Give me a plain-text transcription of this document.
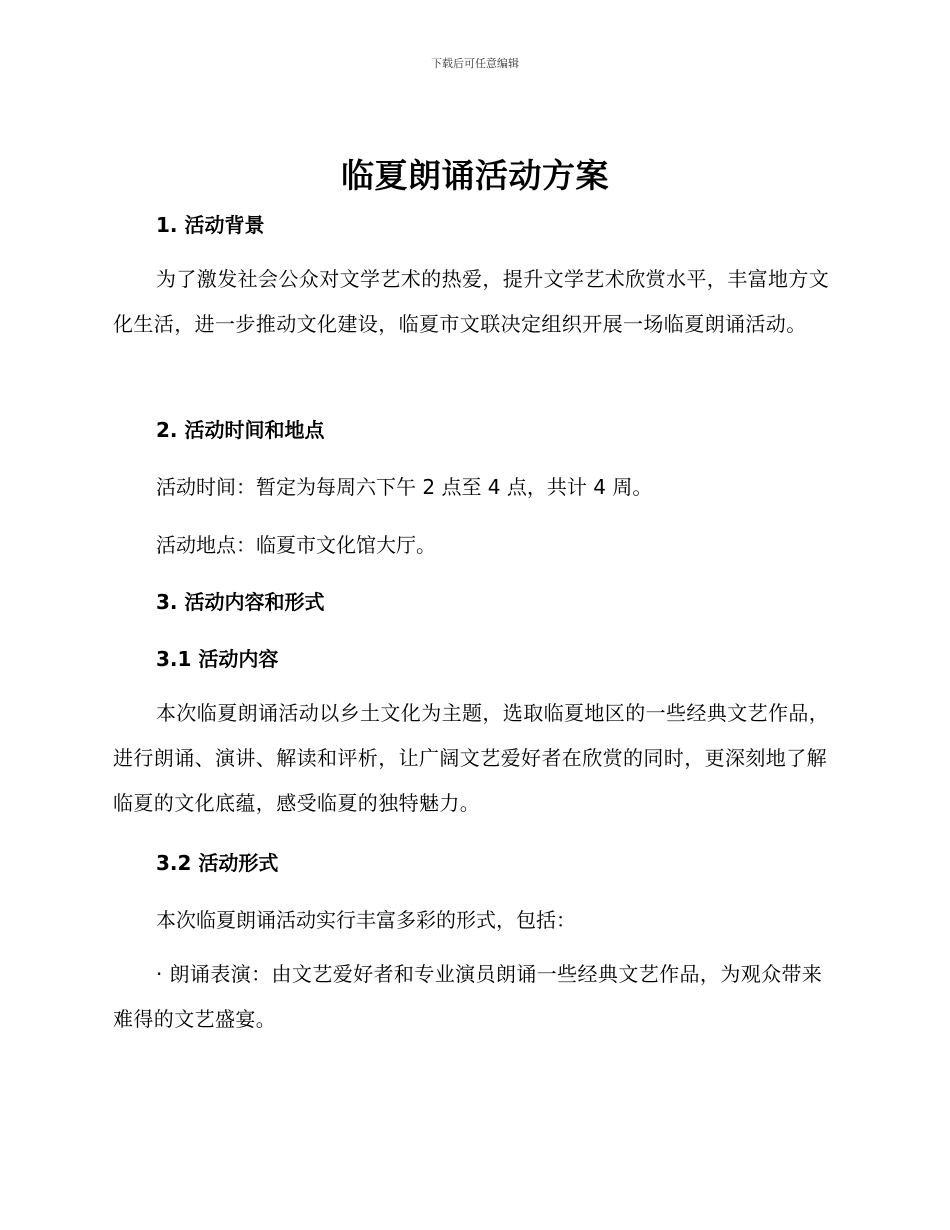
下载后可任意编辑
临夏朗诵活动方案
1. 活动背景
为了激发社会公众对文学艺术的热爱，提升文学艺术欣赏水平，丰富地方文化生活，进一步推动文化建设，临夏市文联决定组织开展一场临夏朗诵活动。
2. 活动时间和地点
活动时间：暂定为每周六下午 2 点至 4 点，共计 4 周。
活动地点：临夏市文化馆大厅。
3. 活动内容和形式
3.1 活动内容
本次临夏朗诵活动以乡土文化为主题，选取临夏地区的一些经典文艺作品，进行朗诵、演讲、解读和评析，让广阔文艺爱好者在欣赏的同时，更深刻地了解临夏的文化底蕴，感受临夏的独特魅力。
3.2 活动形式
本次临夏朗诵活动实行丰富多彩的形式，包括：
· 朗诵表演：由文艺爱好者和专业演员朗诵一些经典文艺作品，为观众带来难得的文艺盛宴。
